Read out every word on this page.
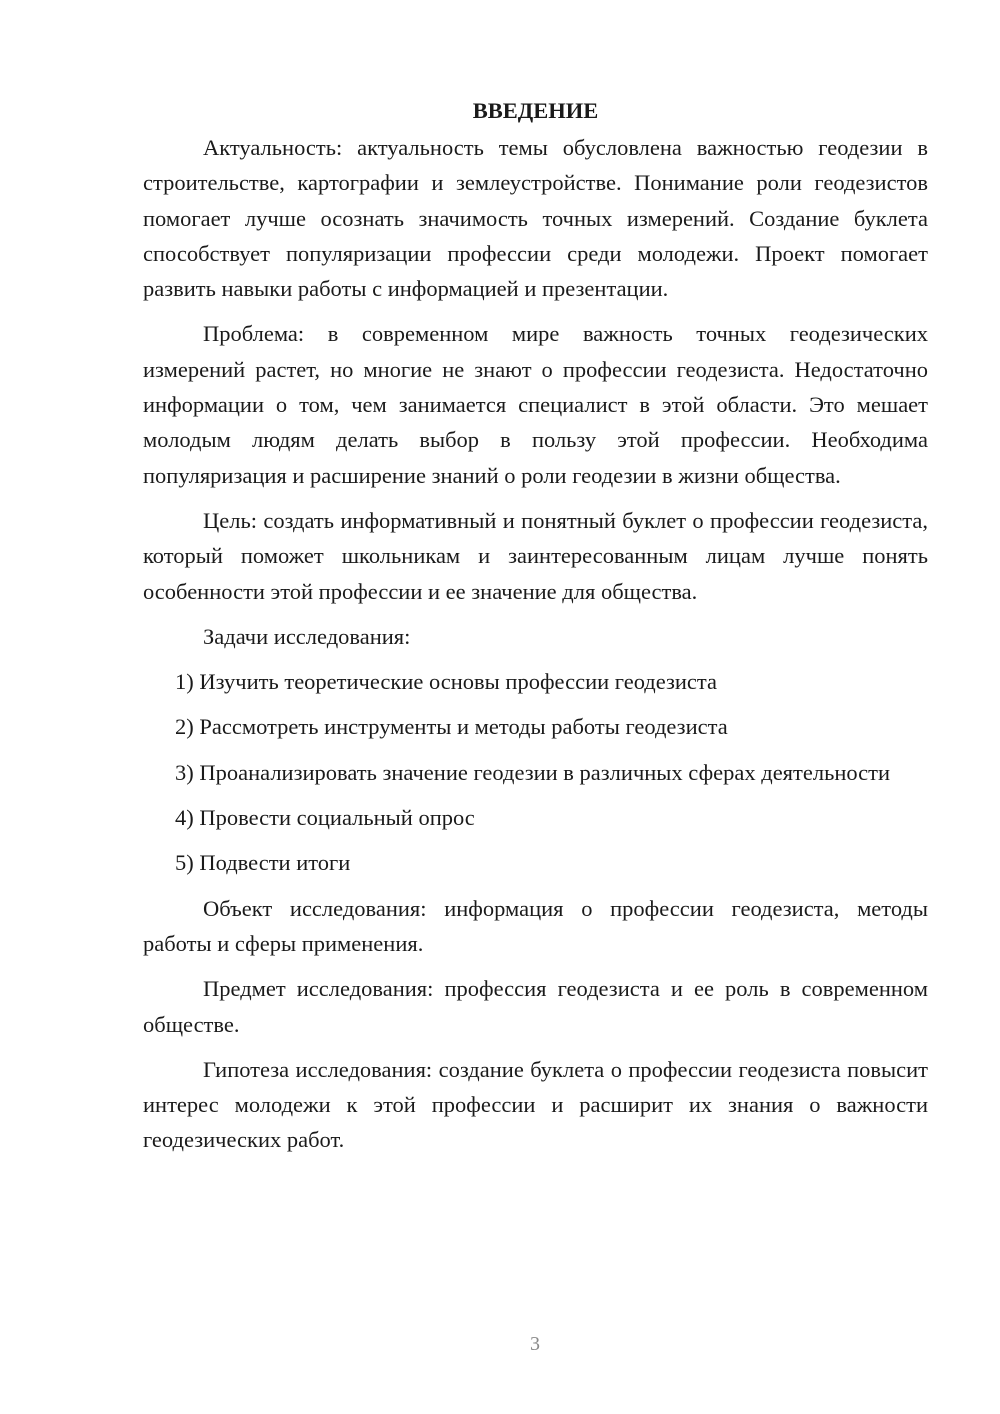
ВВЕДЕНИЕ

Актуальность: актуальность темы обусловлена важностью геодезии в строительстве, картографии и землеустройстве. Понимание роли геодезистов помогает лучше осознать значимость точных измерений. Создание буклета способствует популяризации профессии среди молодежи. Проект помогает развить навыки работы с информацией и презентации.

Проблема: в современном мире важность точных геодезических измерений растет, но многие не знают о профессии геодезиста. Недостаточно информации о том, чем занимается специалист в этой области. Это мешает молодым людям делать выбор в пользу этой профессии. Необходима популяризация и расширение знаний о роли геодезии в жизни общества.

Цель: создать информативный и понятный буклет о профессии геодезиста, который поможет школьникам и заинтересованным лицам лучше понять особенности этой профессии и ее значение для общества.

Задачи исследования:

1) Изучить теоретические основы профессии геодезиста

2) Рассмотреть инструменты и методы работы геодезиста

3) Проанализировать значение геодезии в различных сферах деятельности

4) Провести социальный опрос

5) Подвести итоги

Объект исследования: информация о профессии геодезиста, методы работы и сферы применения.

Предмет исследования: профессия геодезиста и ее роль в современном обществе.

Гипотеза исследования: создание буклета о профессии геодезиста повысит интерес молодежи к этой профессии и расширит их знания о важности геодезических работ.

3
